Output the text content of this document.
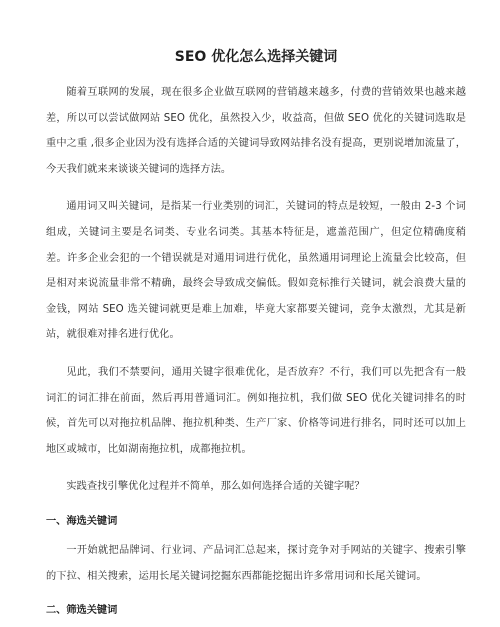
SEO 优化怎么选择关键词

随着互联网的发展，现在很多企业做互联网的营销越来越多，付费的营销效果也越来越差，所以可以尝试做网站 SEO 优化，虽然投入少，收益高，但做 SEO 优化的关键词选取是重中之重 ,很多企业因为没有选择合适的关键词导致网站排名没有提高，更别说增加流量了，今天我们就来来谈谈关键词的选择方法。

通用词又叫关键词，是指某一行业类别的词汇，关键词的特点是较短，一般由 2-3 个词组成，关键词主要是名词类、专业名词类。其基本特征是，遮盖范围广，但定位精确度稍差。许多企业会犯的一个错误就是对通用词进行优化，虽然通用词理论上流量会比较高，但是相对来说流量非常不精确，最终会导致成交偏低。假如竞标推行关键词，就会浪费大量的金钱，网站 SEO 选关键词就更是难上加难，毕竟大家都要关键词，竞争太激烈，尤其是新站，就很难对排名进行优化。

见此，我们不禁要问，通用关键字很难优化，是否放弃？不行，我们可以先把含有一般词汇的词汇排在前面，然后再用普通词汇。例如拖拉机，我们做 SEO 优化关键词排名的时候，首先可以对拖拉机品牌、拖拉机种类、生产厂家、价格等词进行排名，同时还可以加上地区或城市，比如湖南拖拉机，成都拖拉机。

实践查找引擎优化过程并不简单，那么如何选择合适的关键字呢？

一、海选关键词

一开始就把品牌词、行业词、产品词汇总起来，探讨竞争对手网站的关键字、搜索引擎的下拉、相关搜索，运用长尾关键词挖掘东西都能挖掘出许多常用词和长尾关键词。

二、筛选关键词
